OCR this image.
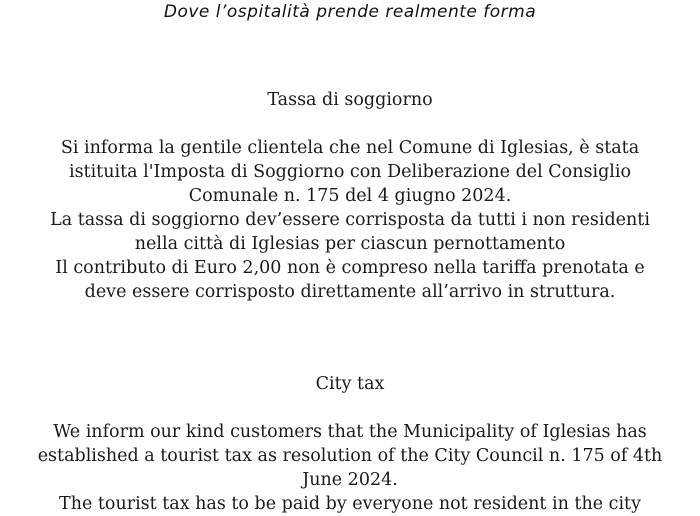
Dove l’ospitalità prende realmente forma
Tassa di soggiorno
Si informa la gentile clientela che nel Comune di Iglesias, è stata
istituita l'Imposta di Soggiorno con Deliberazione del Consiglio
Comunale n. 175 del 4 giugno 2024.
La tassa di soggiorno dev’essere corrisposta da tutti i non residenti
nella città di Iglesias per ciascun pernottamento
Il contributo di Euro 2,00 non è compreso nella tariffa prenotata e
deve essere corrisposto direttamente all’arrivo in struttura.
City tax
We inform our kind customers that the Municipality of Iglesias has
established a tourist tax as resolution of the City Council n. 175 of 4th
June 2024.
The tourist tax has to be paid by everyone not resident in the city
